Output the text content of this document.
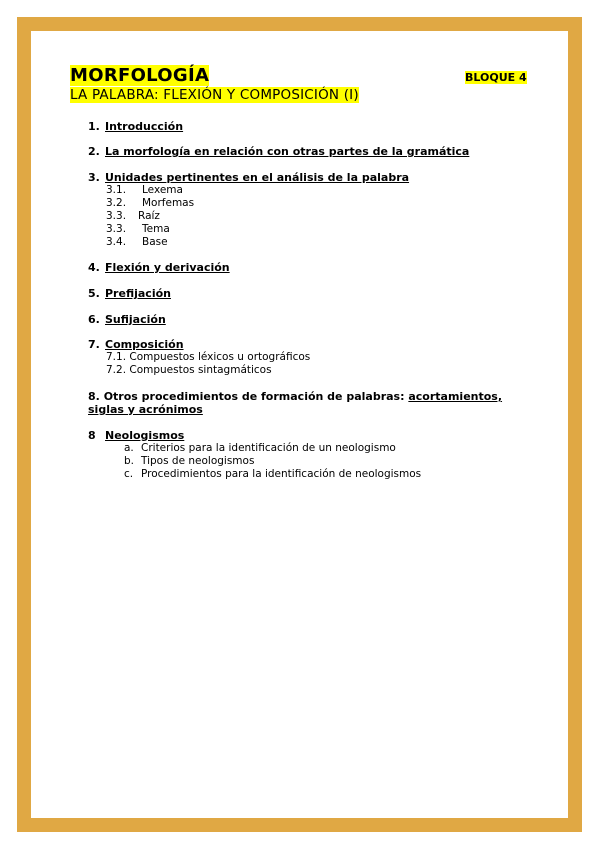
MORFOLOGÍA
LA PALABRA: FLEXIÓN Y COMPOSICIÓN (I)
BLOQUE 4
1. Introducción
2. La morfología en relación con otras partes de la gramática
3. Unidades pertinentes en el análisis de la palabra
3.1. Lexema
3.2. Morfemas
3.3. Raíz
3.3. Tema
3.4. Base
4. Flexión y derivación
5. Prefijación
6. Sufijación
7. Composición
7.1. Compuestos léxicos u ortográficos
7.2. Compuestos sintagmáticos
8. Otros procedimientos de formación de palabras: acortamientos,
siglas y acrónimos
8 Neologismos
a. Criterios para la identificación de un neologismo
b. Tipos de neologismos
c. Procedimientos para la identificación de neologismos
